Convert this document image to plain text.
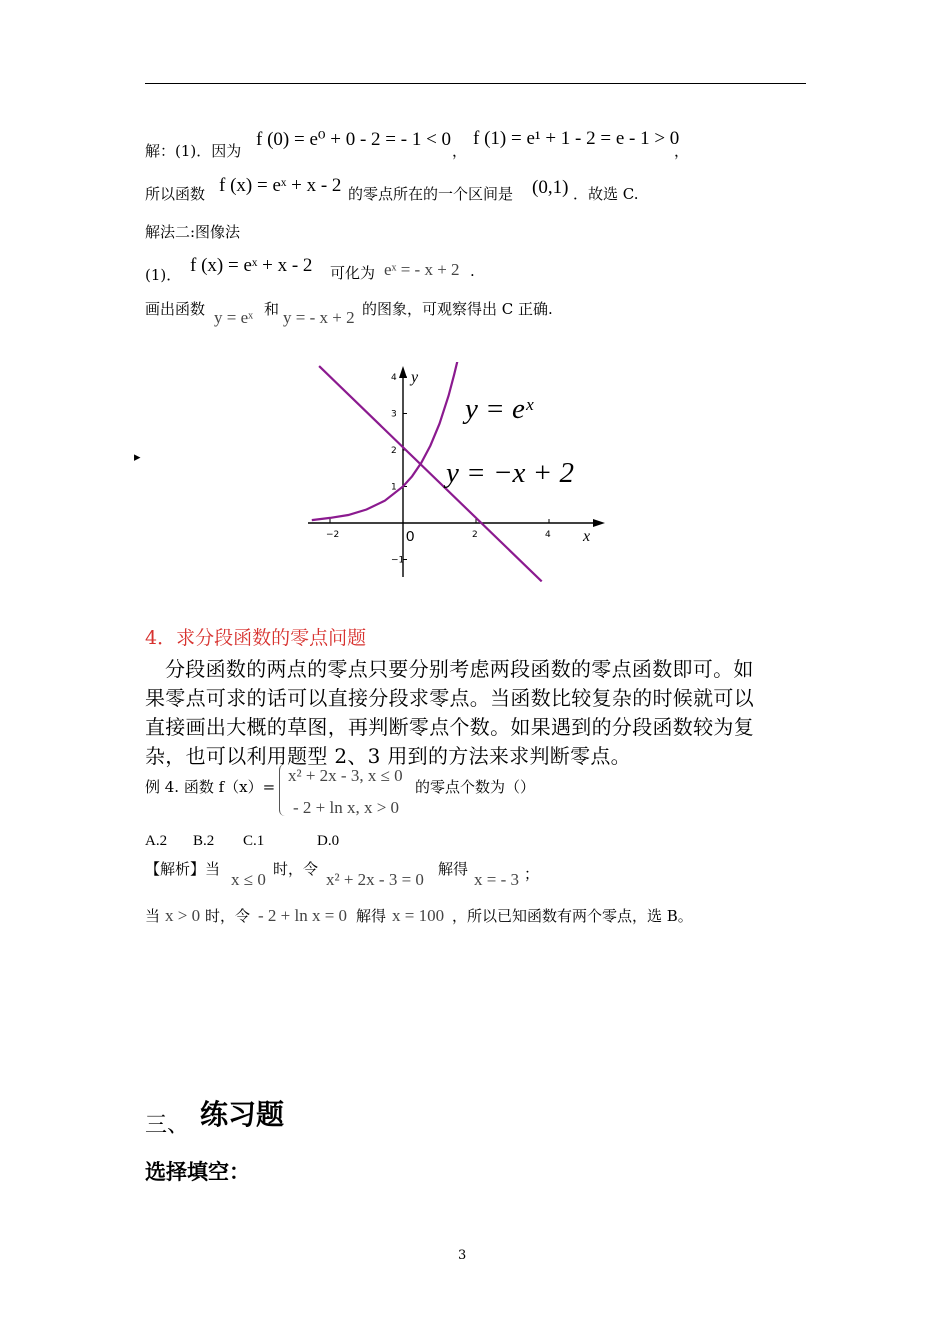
解：(1)．因为
f (0) = e⁰ + 0 - 2 = - 1 < 0
，
f (1) = e¹ + 1 - 2 = e - 1 > 0
，
所以函数 f (x) = eˣ + x - 2 的零点所在的一个区间是 (0,1) ．故选 C.
解法二:图像法
(1)． f (x) = eˣ + x - 2 可化为 eˣ = - x + 2 .
画出函数 y = eˣ 和 y = - x + 2 的图象，可观察得出 C 正确.
▸
x
y
0
−2	2	4
−1
1
2
3
4
y = eˣ
y = −x + 2
4．求分段函数的零点问题
分段函数的两点的零点只要分别考虑两段函数的零点函数即可。如
果零点可求的话可以直接分段求零点。当函数比较复杂的时候就可以
直接画出大概的草图，再判断零点个数。如果遇到的分段函数较为复
杂，也可以利用题型 2、3 用到的方法来求判断零点。
例 4. 函数 f（x）=
x² + 2x - 3, x ≤ 0
- 2 + ln x, x > 0
的零点个数为（）
A.2 B.2 C.1	D.0
【解析】当
x ≤ 0
时，令
x² + 2x - 3 = 0
解得
x = - 3 ；
当 x > 0 时，令 - 2 + ln x = 0 解得 x = 100 ，所以已知函数有两个零点，选 B。
三、 练习题
选择填空：
3
